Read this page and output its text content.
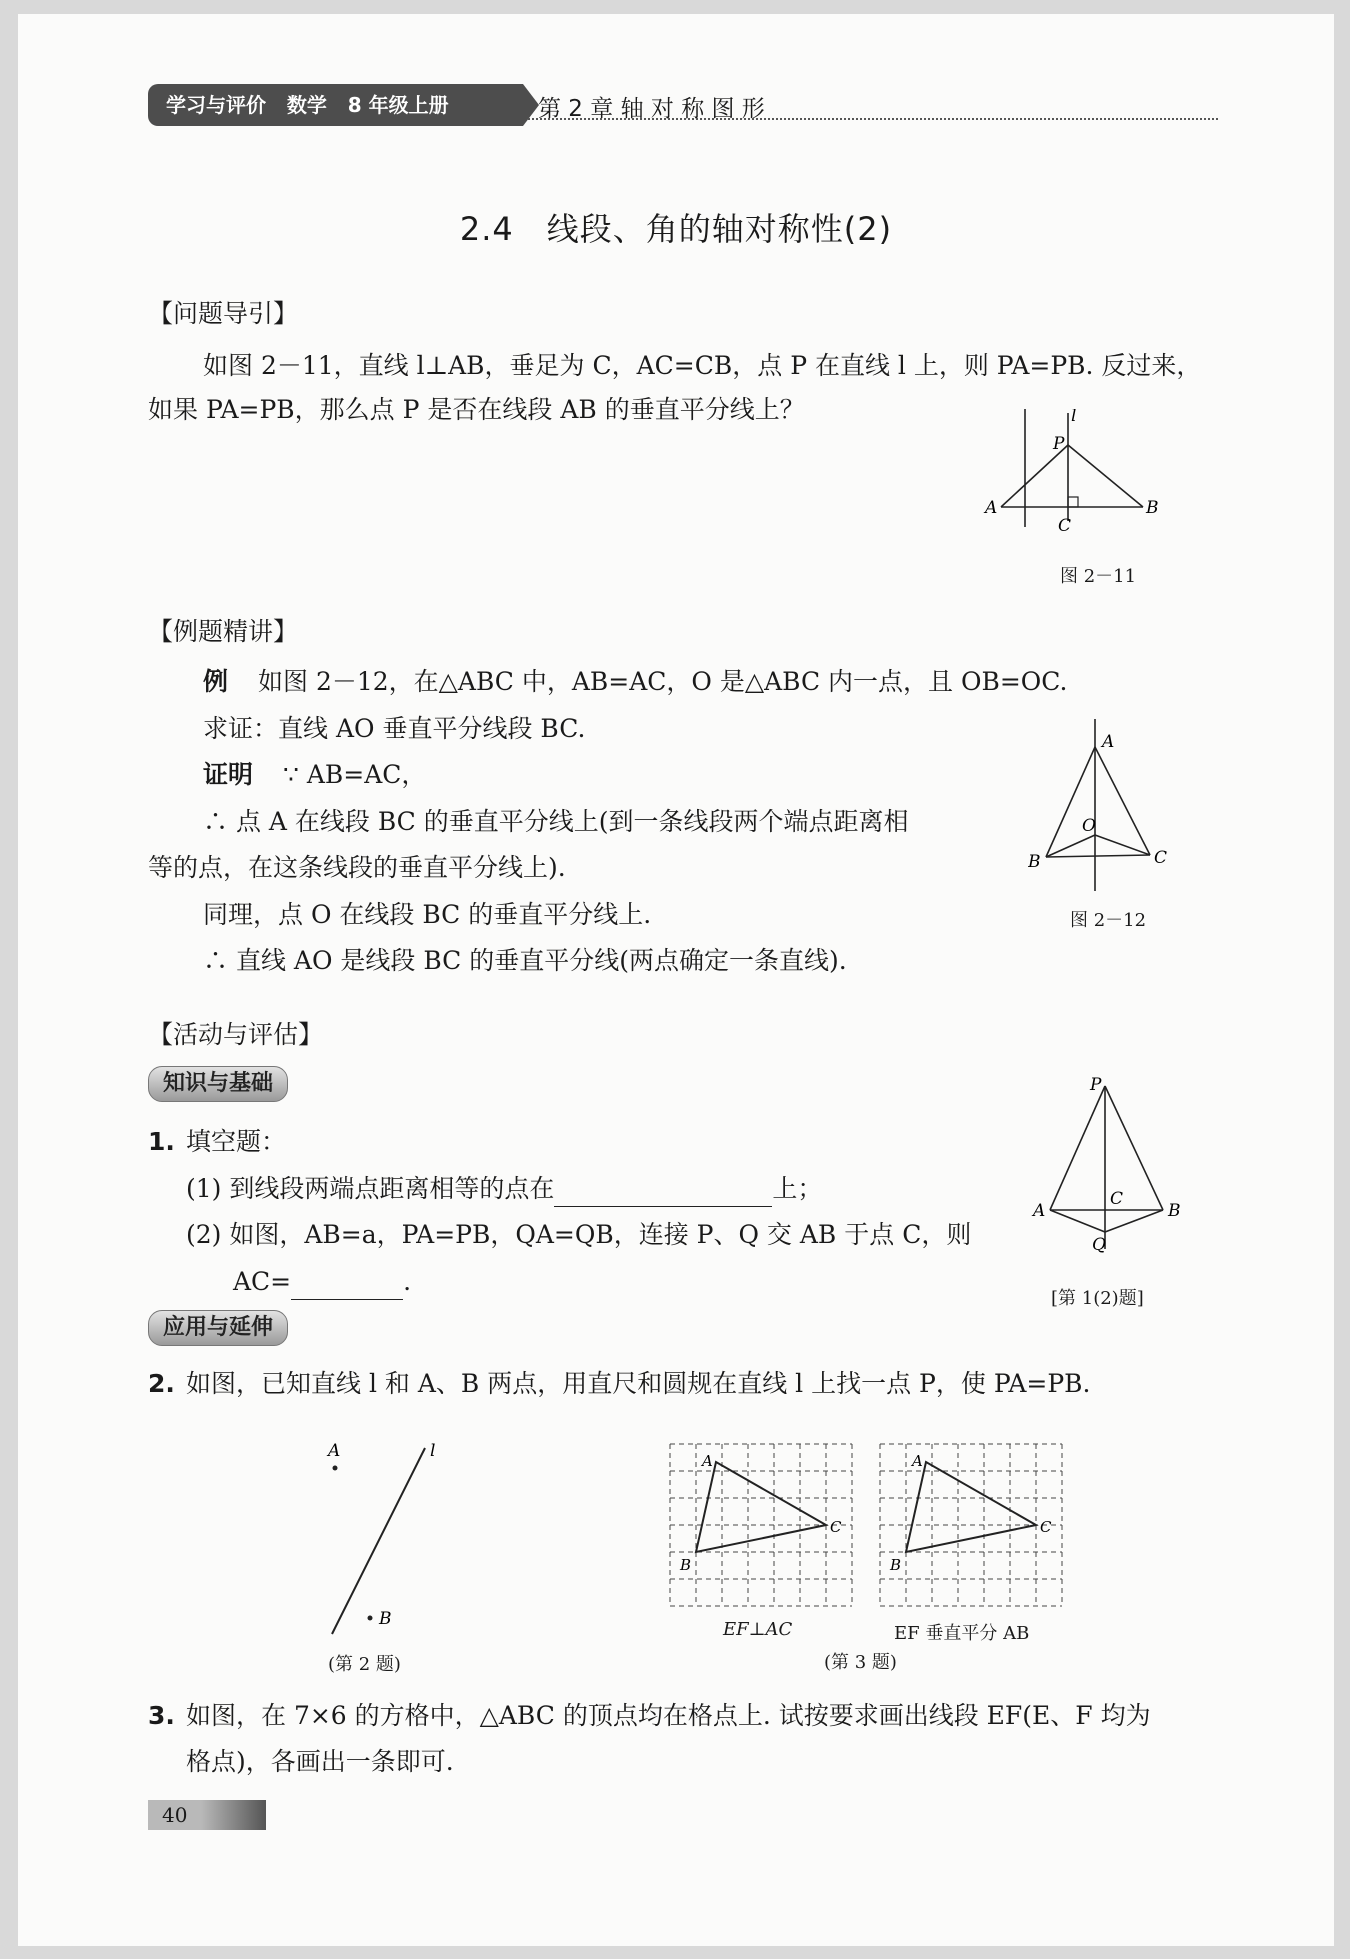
学习与评价   数学   8 年级上册	第 2 章 轴 对 称 图 形
2.4　线段、角的轴对称性(2)
【问题导引】
如图 2－11，直线 l⊥AB，垂足为 C，AC=CB，点 P 在直线 l 上，则 PA=PB. 反过来，
如果 PA=PB，那么点 P 是否在线段 AB 的垂直平分线上？	l
P
A	B
C
图 2－11
【例题精讲】
例 如图 2－12，在△ABC 中，AB=AC，O 是△ABC 内一点，且 OB=OC.
求证：直线 AO 垂直平分线段 BC.
证明 ∵ AB=AC，
∴ 点 A 在线段 BC 的垂直平分线上(到一条线段两个端点距离相
等的点，在这条线段的垂直平分线上).
同理，点 O 在线段 BC 的垂直平分线上.
∴ 直线 AO 是线段 BC 的垂直平分线(两点确定一条直线).
A
O
B	C
图 2－12
【活动与评估】
知识与基础
1. 填空题：
(1) 到线段两端点距离相等的点在	上；
(2) 如图，AB=a，PA=PB，QA=QB，连接 P、Q 交 AB 于点 C，则
AC=	.
P
A	B
C
Q
[第 1(2)题]
应用与延伸
2. 如图，已知直线 l 和 A、B 两点，用直尺和圆规在直线 l 上找一点 P，使 PA=PB.
A
B
l
(第 2 题)
A
B
C
A
B
C
EF⊥AC	EF 垂直平分 AB
(第 3 题)
3. 如图，在 7×6 的方格中，△ABC 的顶点均在格点上. 试按要求画出线段 EF(E、F 均为
格点)，各画出一条即可.
40
